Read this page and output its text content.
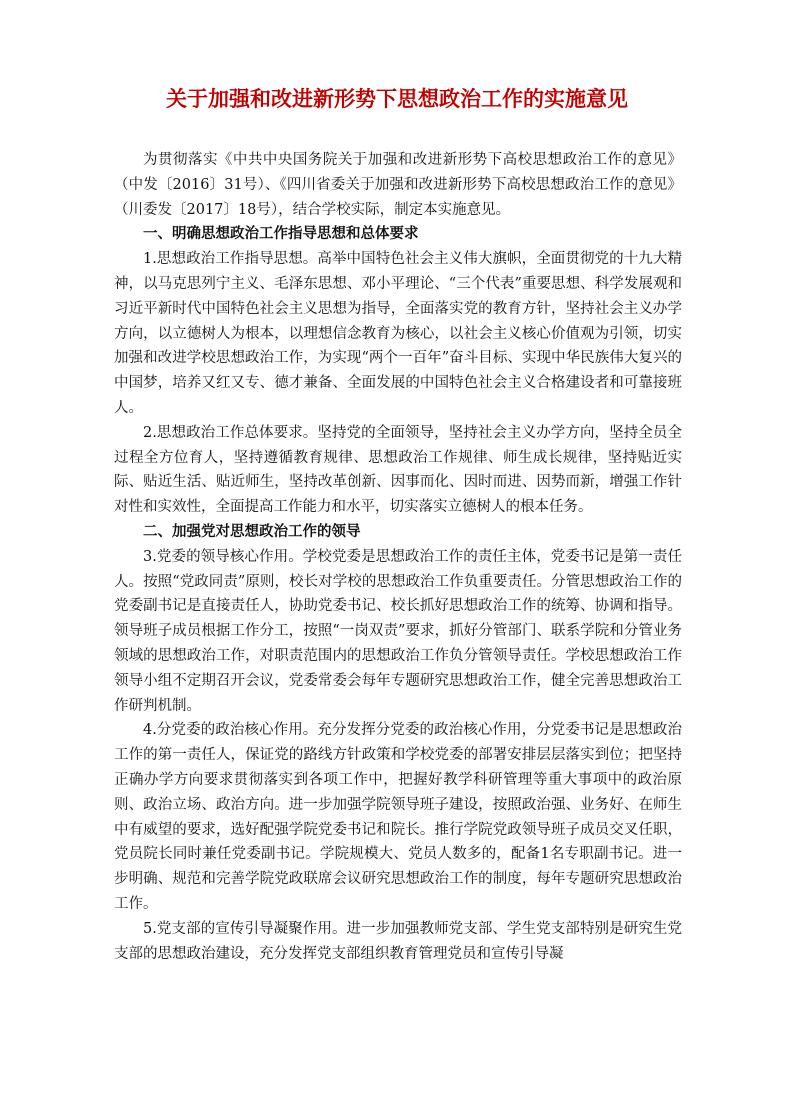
关于加强和改进新形势下思想政治工作的实施意见

为贯彻落实《中共中央国务院关于加强和改进新形势下高校思想政治工作的意见》（中发〔2016〕31号）、《四川省委关于加强和改进新形势下高校思想政治工作的意见》（川委发〔2017〕18号），结合学校实际，制定本实施意见。

一、明确思想政治工作指导思想和总体要求

1.思想政治工作指导思想。高举中国特色社会主义伟大旗帜，全面贯彻党的十九大精神，以马克思列宁主义、毛泽东思想、邓小平理论、“三个代表”重要思想、科学发展观和习近平新时代中国特色社会主义思想为指导，全面落实党的教育方针，坚持社会主义办学方向，以立德树人为根本，以理想信念教育为核心，以社会主义核心价值观为引领，切实加强和改进学校思想政治工作，为实现“两个一百年”奋斗目标、实现中华民族伟大复兴的中国梦，培养又红又专、德才兼备、全面发展的中国特色社会主义合格建设者和可靠接班人。

2.思想政治工作总体要求。坚持党的全面领导，坚持社会主义办学方向，坚持全员全过程全方位育人，坚持遵循教育规律、思想政治工作规律、师生成长规律，坚持贴近实际、贴近生活、贴近师生，坚持改革创新、因事而化、因时而进、因势而新，增强工作针对性和实效性，全面提高工作能力和水平，切实落实立德树人的根本任务。

二、加强党对思想政治工作的领导

3.党委的领导核心作用。学校党委是思想政治工作的责任主体，党委书记是第一责任人。按照“党政同责”原则，校长对学校的思想政治工作负重要责任。分管思想政治工作的党委副书记是直接责任人，协助党委书记、校长抓好思想政治工作的统筹、协调和指导。领导班子成员根据工作分工，按照“一岗双责”要求，抓好分管部门、联系学院和分管业务领域的思想政治工作，对职责范围内的思想政治工作负分管领导责任。学校思想政治工作领导小组不定期召开会议，党委常委会每年专题研究思想政治工作，健全完善思想政治工作研判机制。

4.分党委的政治核心作用。充分发挥分党委的政治核心作用，分党委书记是思想政治工作的第一责任人，保证党的路线方针政策和学校党委的部署安排层层落实到位；把坚持正确办学方向要求贯彻落实到各项工作中，把握好教学科研管理等重大事项中的政治原则、政治立场、政治方向。进一步加强学院领导班子建设，按照政治强、业务好、在师生中有威望的要求，选好配强学院党委书记和院长。推行学院党政领导班子成员交叉任职，党员院长同时兼任党委副书记。学院规模大、党员人数多的，配备1名专职副书记。进一步明确、规范和完善学院党政联席会议研究思想政治工作的制度，每年专题研究思想政治工作。

5.党支部的宣传引导凝聚作用。进一步加强教师党支部、学生党支部特别是研究生党支部的思想政治建设，充分发挥党支部组织教育管理党员和宣传引导凝
